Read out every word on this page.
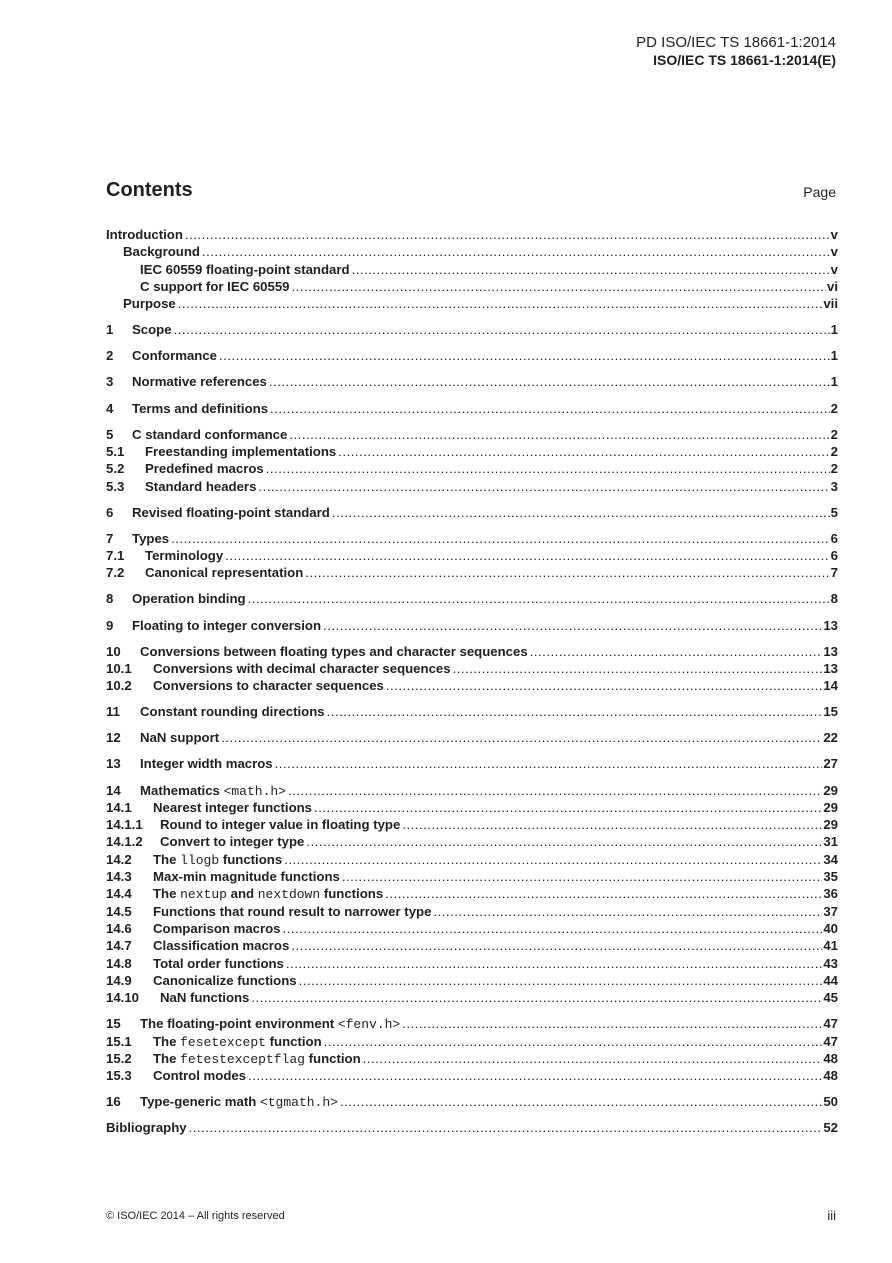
PD ISO/IEC TS 18661-1:2014
ISO/IEC TS 18661-1:2014(E)
Contents	Page
Introduction .....	v
Background .....	v
IEC 60559 floating-point standard .....	v
C support for IEC 60559 .....	vi
Purpose .....	vii
1	Scope .....	1
2	Conformance .....	1
3	Normative references .....	1
4	Terms and definitions .....	2
5	C standard conformance .....	2
5.1	Freestanding implementations .....	2
5.2	Predefined macros .....	2
5.3	Standard headers .....	3
6	Revised floating-point standard .....	5
7	Types .....	6
7.1	Terminology .....	6
7.2	Canonical representation .....	7
8	Operation binding .....	8
9	Floating to integer conversion .....	13
10	Conversions between floating types and character sequences .....	13
10.1	Conversions with decimal character sequences .....	13
10.2	Conversions to character sequences .....	14
11	Constant rounding directions .....	15
12	NaN support .....	22
13	Integer width macros .....	27
14	Mathematics <math.h> .....	29
14.1	Nearest integer functions .....	29
14.1.1	Round to integer value in floating type .....	29
14.1.2	Convert to integer type .....	31
14.2	The llogb functions .....	34
14.3	Max-min magnitude functions .....	35
14.4	The nextup and nextdown functions .....	36
14.5	Functions that round result to narrower type .....	37
14.6	Comparison macros .....	40
14.7	Classification macros .....	41
14.8	Total order functions .....	43
14.9	Canonicalize functions .....	44
14.10	NaN functions .....	45
15	The floating-point environment <fenv.h> .....	47
15.1	The fesetexcept function .....	47
15.2	The fetestexceptflag function .....	48
15.3	Control modes .....	48
16	Type-generic math <tgmath.h> .....	50
Bibliography .....	52
© ISO/IEC 2014 – All rights reserved	iii
